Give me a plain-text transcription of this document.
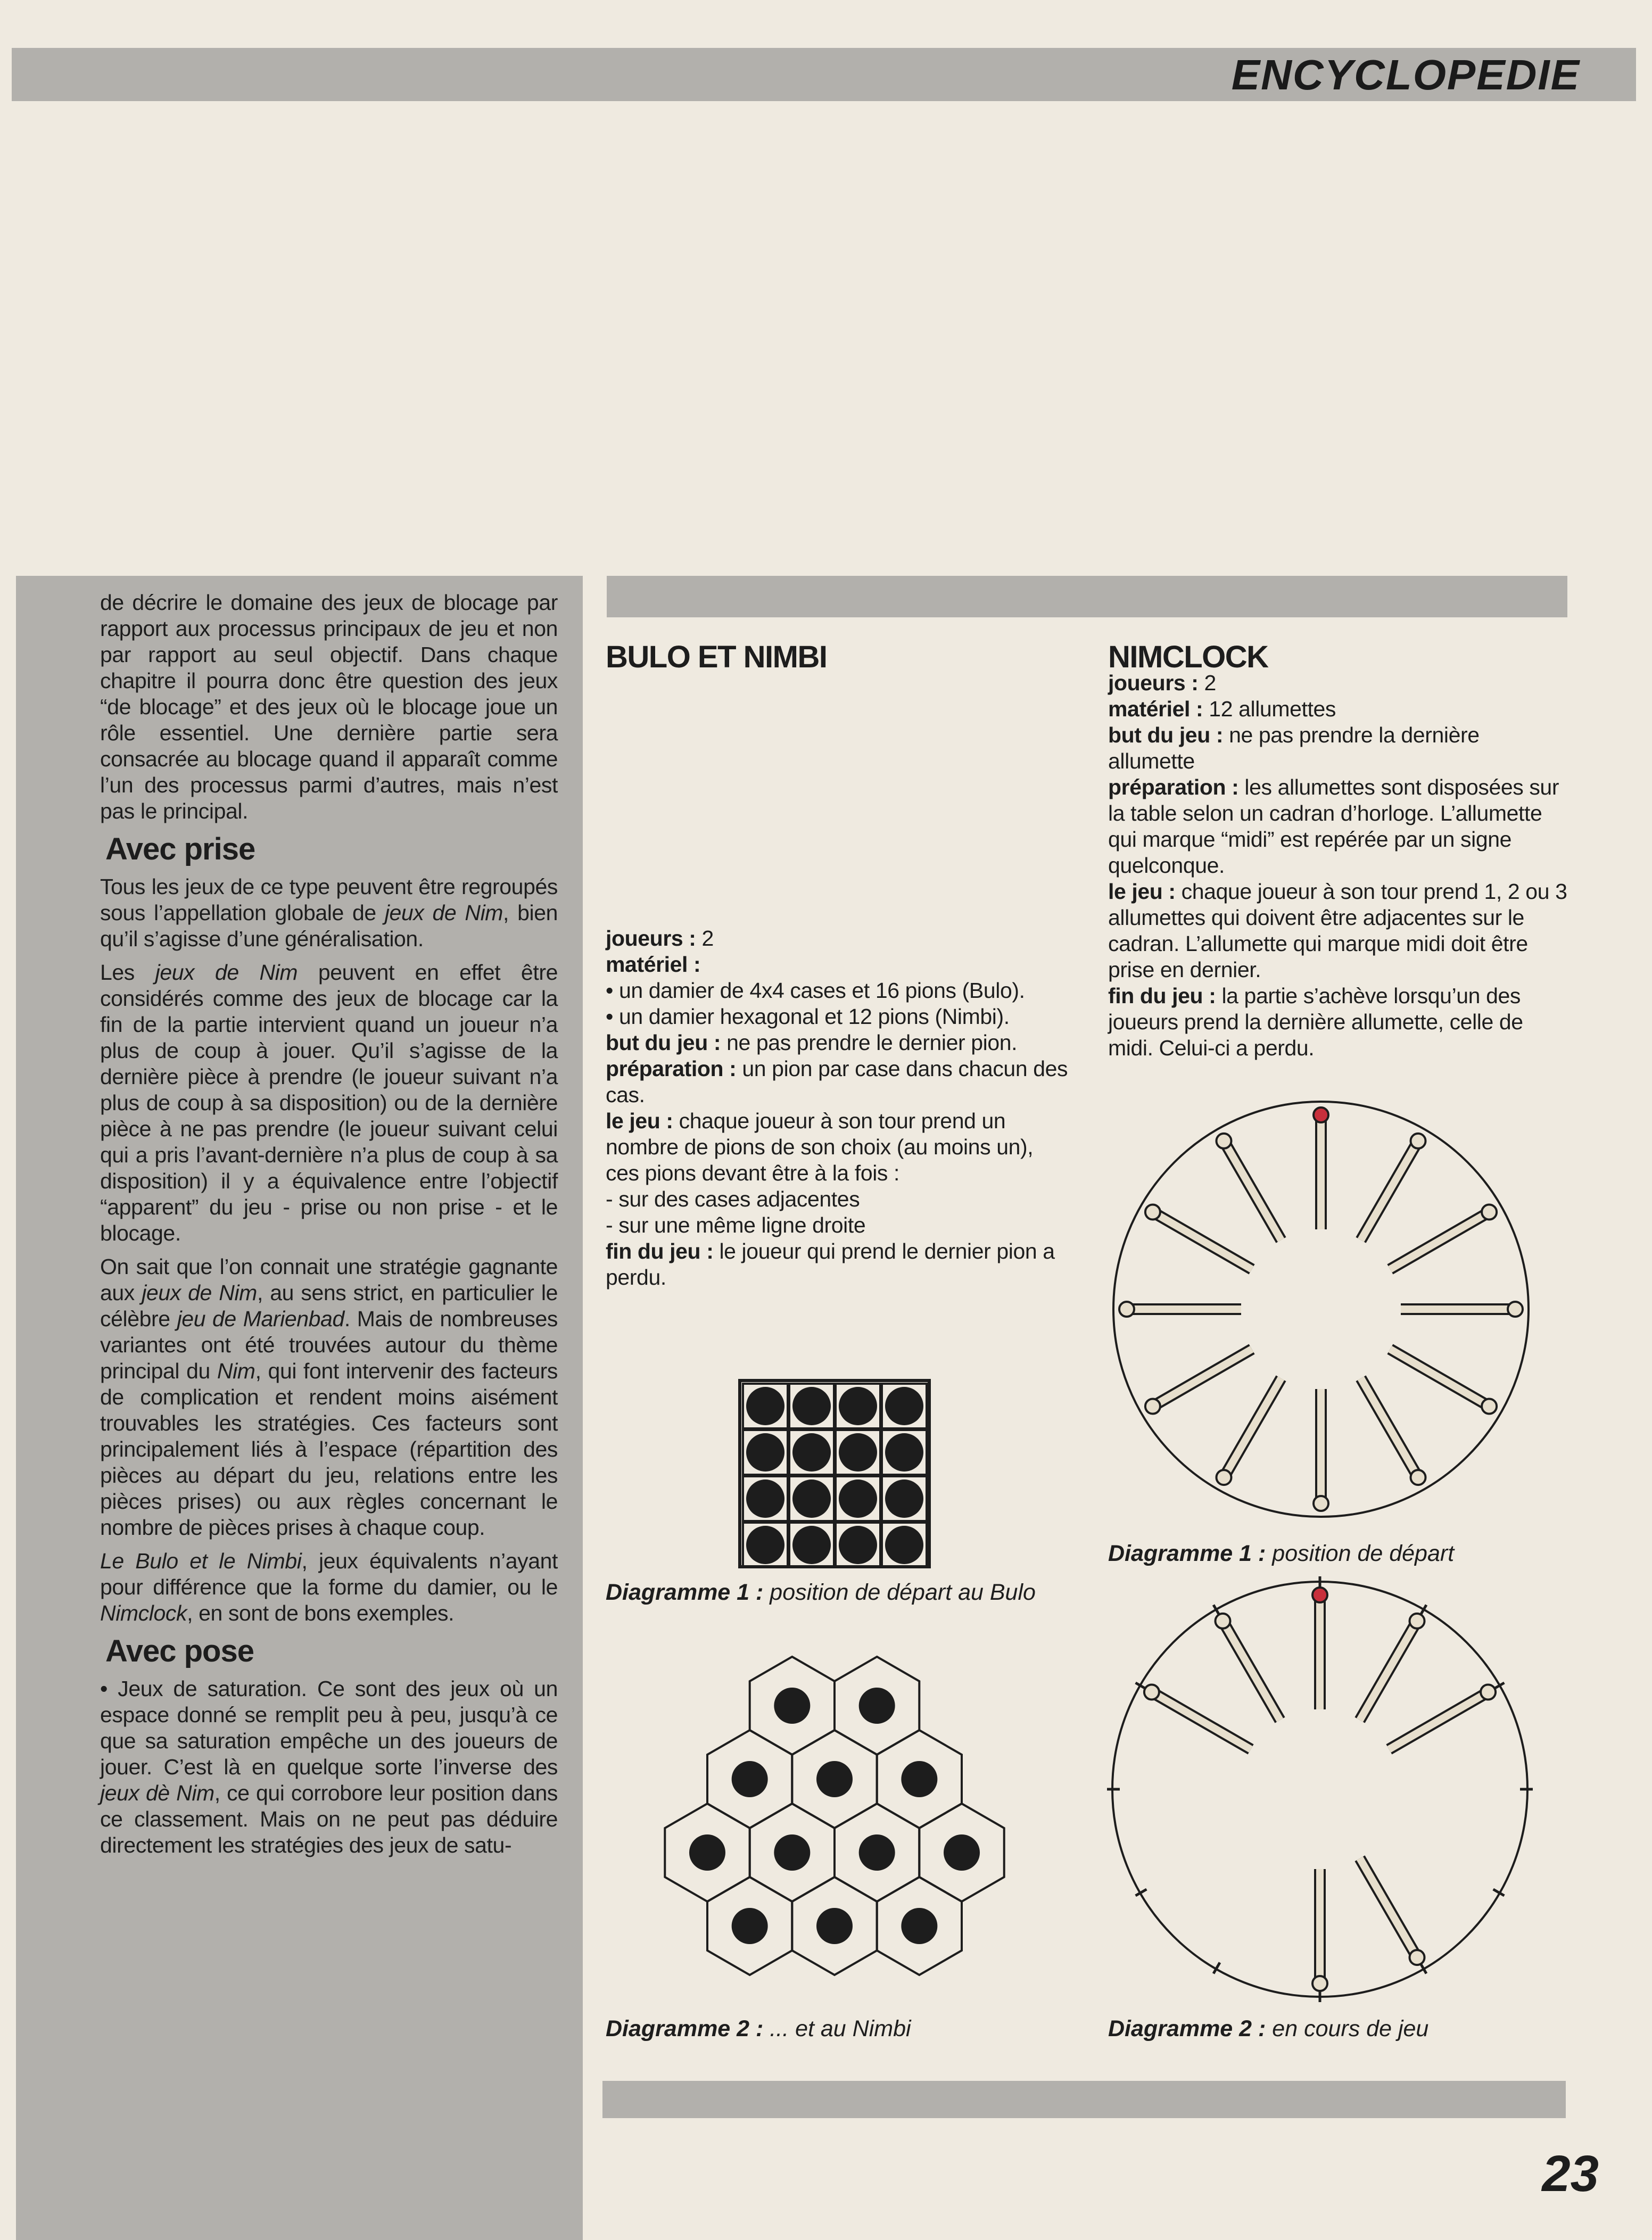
ENCYCLOPEDIE

de décrire le domaine des jeux de blocage par rapport aux processus principaux de jeu et non par rapport au seul objectif. Dans chaque chapitre il pourra donc être question des jeux “de blocage” et des jeux où le blocage joue un rôle essentiel. Une dernière partie sera consacrée au blocage quand il apparaît comme l’un des processus parmi d’autres, mais n’est pas le principal.

Avec prise

Tous les jeux de ce type peuvent être regroupés sous l’appellation globale de jeux de Nim, bien qu’il s’agisse d’une généralisation.

Les jeux de Nim peuvent en effet être considérés comme des jeux de blocage car la fin de la partie intervient quand un joueur n’a plus de coup à jouer. Qu’il s’agisse de la dernière pièce à prendre (le joueur suivant n’a plus de coup à sa disposition) ou de la dernière pièce à ne pas prendre (le joueur suivant celui qui a pris l’avant-dernière n’a plus de coup à sa disposition) il y a équivalence entre l’objectif “apparent” du jeu - prise ou non prise - et le blocage.

On sait que l’on connait une stratégie gagnante aux jeux de Nim, au sens strict, en particulier le célèbre jeu de Marienbad. Mais de nombreuses variantes ont été trouvées autour du thème principal du Nim, qui font intervenir des facteurs de complication et rendent moins aisément trouvables les stratégies. Ces facteurs sont principalement liés à l’espace (répartition des pièces au départ du jeu, relations entre les pièces prises) ou aux règles concernant le nombre de pièces prises à chaque coup.

Le Bulo et le Nimbi, jeux équivalents n’ayant pour différence que la forme du damier, ou le Nimclock, en sont de bons exemples.

Avec pose

• Jeux de saturation. Ce sont des jeux où un espace donné se remplit peu à peu, jusqu’à ce que sa saturation empêche un des joueurs de jouer. C’est là en quelque sorte l’inverse des jeux dè Nim, ce qui corrobore leur position dans ce classement. Mais on ne peut pas déduire directement les stratégies des jeux de satu-

BULO ET NIMBI

joueurs : 2

matériel :

• un damier de 4x4 cases et 16 pions (Bulo).

• un damier hexagonal et 12 pions (Nimbi).

but du jeu : ne pas prendre le dernier pion.

préparation : un pion par case dans chacun des cas.

le jeu : chaque joueur à son tour prend un nombre de pions de son choix (au moins un), ces pions devant être à la fois :

- sur des cases adjacentes

- sur une même ligne droite

fin du jeu : le joueur qui prend le dernier pion a perdu.

NIMCLOCK

joueurs : 2

matériel : 12 allumettes

but du jeu : ne pas prendre la dernière allumette

préparation : les allumettes sont disposées sur la table selon un cadran d’horloge. L’allumette qui marque “midi” est repérée par un signe quelconque.

le jeu : chaque joueur à son tour prend 1, 2 ou 3 allumettes qui doivent être adjacentes sur le cadran. L’allumette qui marque midi doit être prise en dernier.

fin du jeu : la partie s’achève lorsqu’un des joueurs prend la dernière allumette, celle de midi. Celui-ci a perdu.

Diagramme 1 : position de départ au Bulo
Diagramme 2 : ... et au Nimbi
Diagramme 1 : position de départ
Diagramme 2 : en cours de jeu
23
